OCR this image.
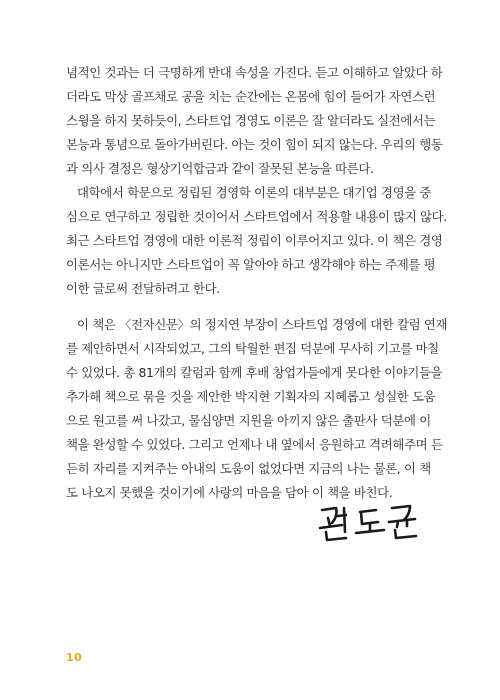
념적인 것과는 더 극명하게 반대 속성을 가진다. 듣고 이해하고 알았다 하
더라도 막상 골프채로 공을 치는 순간에는 온몸에 힘이 들어가 자연스런
스윙을 하지 못하듯이, 스타트업 경영도 이론은 잘 알더라도 실전에서는
본능과 통념으로 돌아가버린다. 아는 것이 힘이 되지 않는다. 우리의 행동
과 의사 결정은 형상기억합금과 같이 잘못된 본능을 따른다.
대학에서 학문으로 정립된 경영학 이론의 대부분은 대기업 경영을 중
심으로 연구하고 정립한 것이어서 스타트업에서 적용할 내용이 많지 않다.
최근 스타트업 경영에 대한 이론적 정립이 이루어지고 있다. 이 책은 경영
이론서는 아니지만 스타트업이 꼭 알아야 하고 생각해야 하는 주제를 평
이한 글로써 전달하려고 한다.
이 책은 〈전자신문〉의 정지연 부장이 스타트업 경영에 대한 칼럼 연재
를 제안하면서 시작되었고, 그의 탁월한 편집 덕분에 무사히 기고를 마칠
수 있었다. 총 81개의 칼럼과 함께 후배 창업가들에게 못다한 이야기들을
추가해 책으로 묶을 것을 제안한 박지현 기획자의 지혜롭고 성실한 도움
으로 원고를 써 나갔고, 물심양면 지원을 아끼지 않은 출판사 덕분에 이
책을 완성할 수 있었다. 그리고 언제나 내 옆에서 응원하고 격려해주며 든
든히 자리를 지켜주는 아내의 도움이 없었다면 지금의 나는 물론, 이 책
도 나오지 못했을 것이기에 사랑의 마음을 담아 이 책을 바친다.
10
